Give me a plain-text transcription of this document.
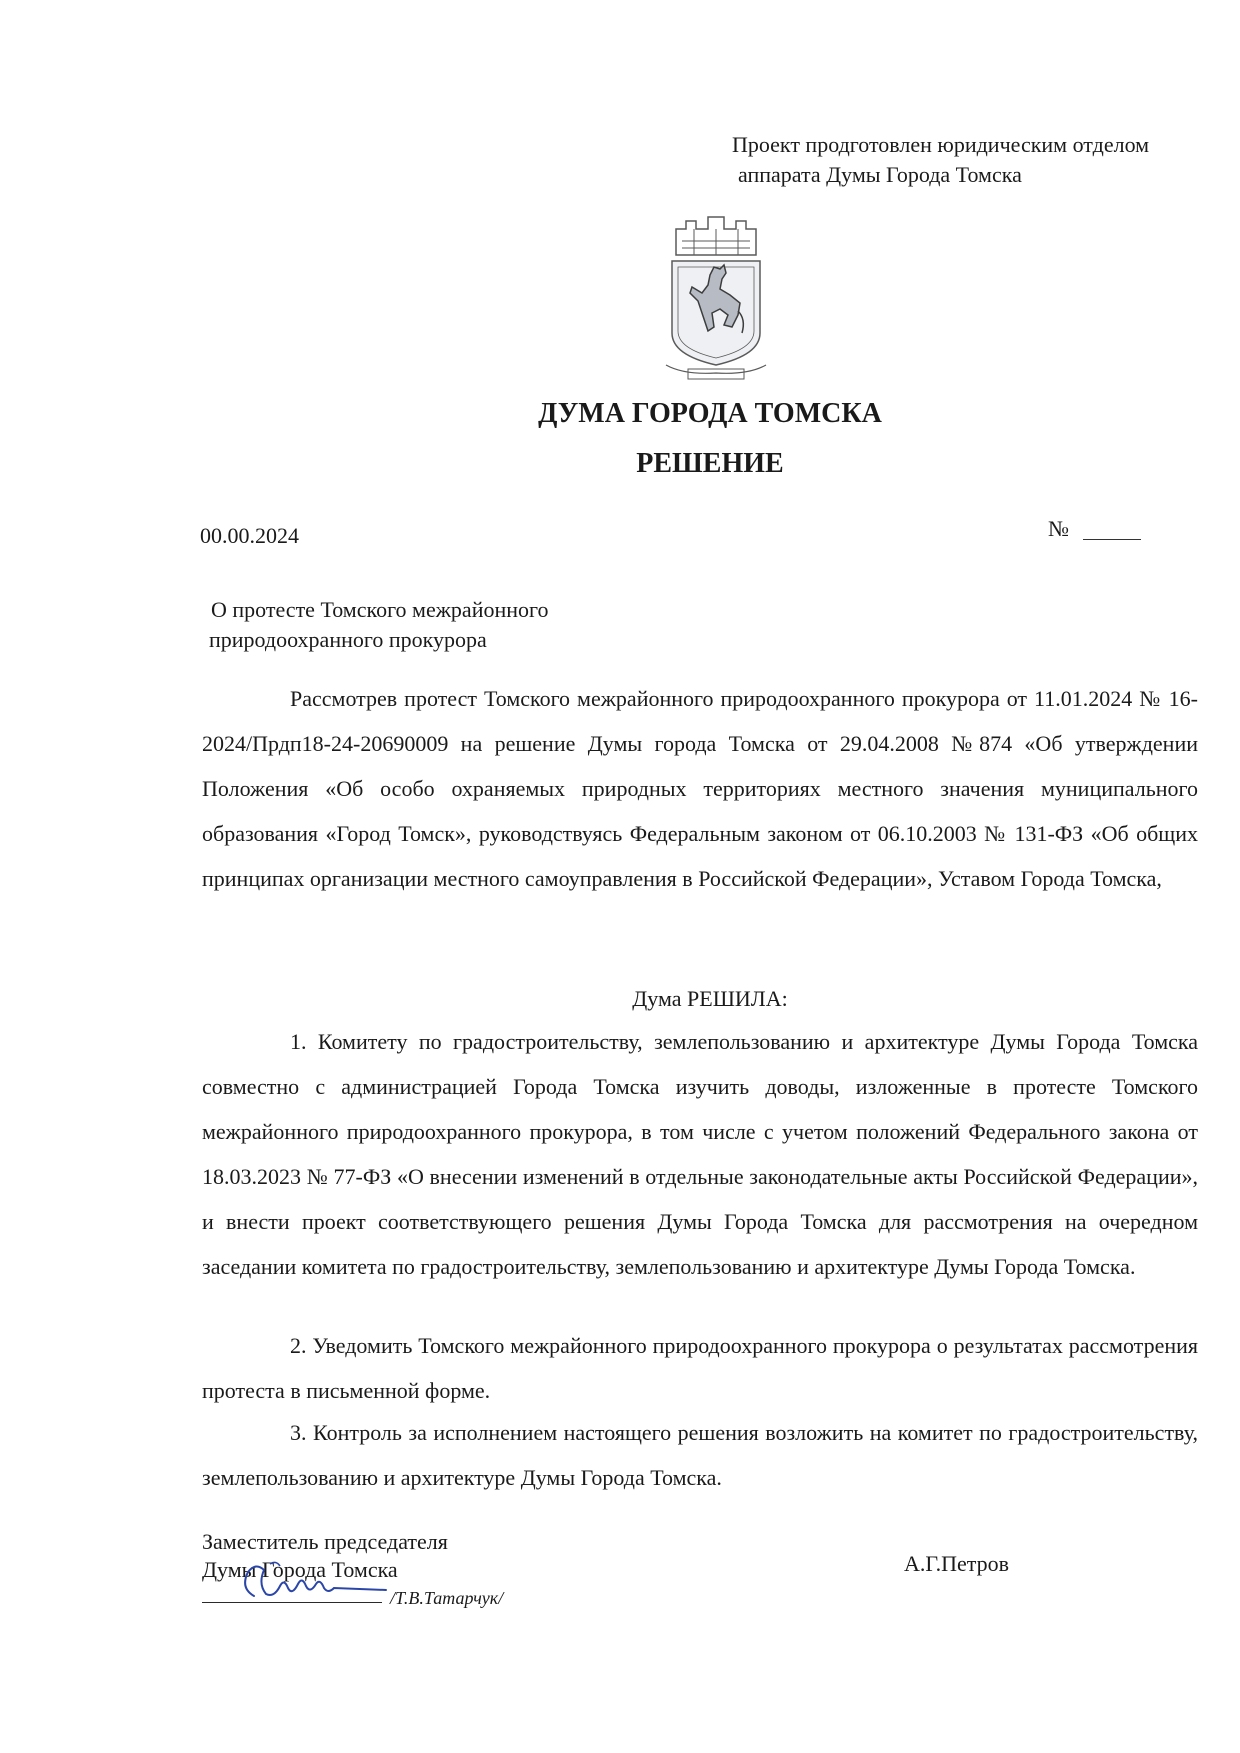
Проект продготовлен юридическим отделом
аппарата Думы Города Томска
ДУМА ГОРОДА ТОМСКА
РЕШЕНИЕ
00.00.2024	№
О протесте Томского межрайонного
природоохранного прокурора
Рассмотрев протест Томского межрайонного природоохранного прокурора от 11.01.2024 № 16-2024/Прдп18-24-20690009 на решение Думы города Томска от 29.04.2008 №874 «Об утверждении Положения «Об особо охраняемых природных территориях местного значения муниципального образования «Город Томск», руководствуясь Федеральным законом от 06.10.2003 № 131-ФЗ «Об общих принципах организации местного самоуправления в Российской Федерации», Уставом Города Томска,
Дума РЕШИЛА:
1. Комитету по градостроительству, землепользованию и архитектуре Думы Города Томска совместно с администрацией Города Томска изучить доводы, изложенные в протесте Томского межрайонного природоохранного прокурора, в том числе с учетом положений Федерального закона от 18.03.2023 № 77-ФЗ «О внесении изменений в отдельные законодательные акты Российской Федерации», и внести проект соответствующего решения Думы Города Томска для рассмотрения на очередном заседании комитета по градостроительству, землепользованию и архитектуре Думы Города Томска.
2. Уведомить Томского межрайонного природоохранного прокурора о результатах рассмотрения протеста в письменной форме.
3. Контроль за исполнением настоящего решения возложить на комитет по градостроительству, землепользованию и архитектуре Думы Города Томска.
Заместитель председателя
Думы Города Томска	А.Г.Петров
/Т.В.Татарчук/
